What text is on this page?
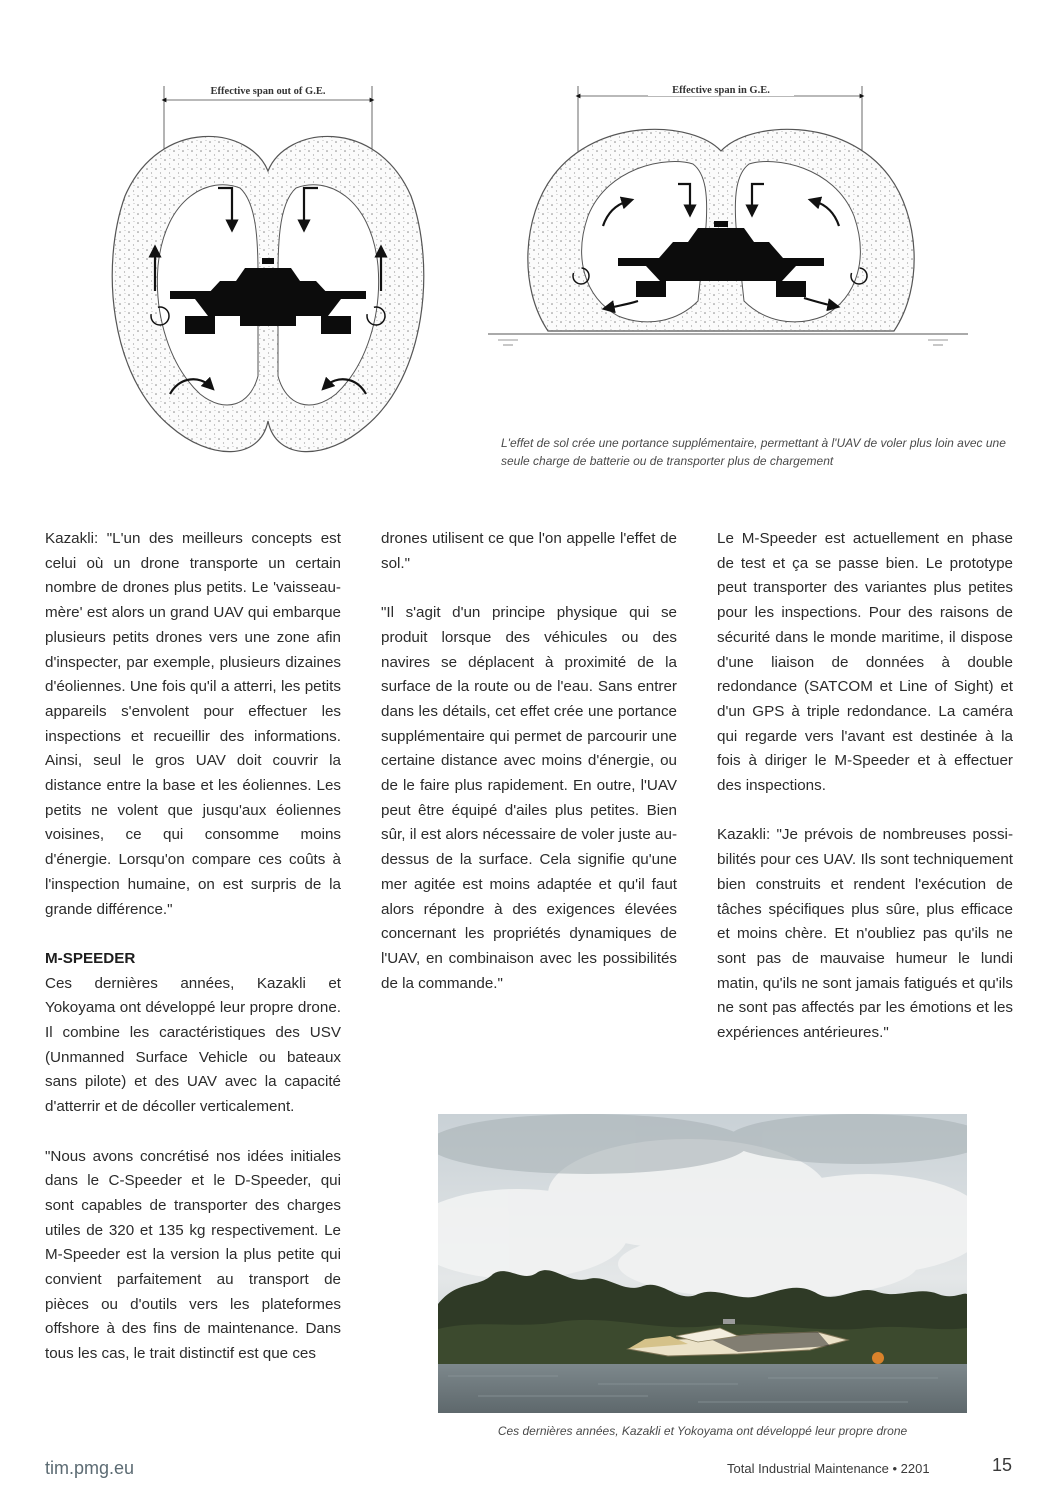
Effective span out of G.E.	Effective span in G.E.
L'effet de sol crée une portance supplémentaire, permettant à l'UAV de voler plus loin avec une seule charge de batterie ou de transporter plus de chargement

Kazakli: "L'un des meilleurs concepts est celui où un drone transporte un certain nombre de drones plus petits. Le 'vaisseau-mère' est alors un grand UAV qui embarque plusieurs petits drones vers une zone afin d'inspecter, par exemple, plusieurs dizaines d'éoliennes. Une fois qu'il a atterri, les petits appareils s'envolent pour effectuer les inspections et recueillir des informations. Ainsi, seul le gros UAV doit couvrir la distance entre la base et les éoliennes. Les petits ne volent que jusqu'aux éoliennes voisines, ce qui consomme moins d'énergie. Lorsqu'on compare ces coûts à l'inspection humaine, on est surpris de la grande différence."

M-SPEEDER

Ces dernières années, Kazakli et Yokoyama ont développé leur propre drone. Il combine les caractéristiques des USV (Unmanned Surface Vehicle ou bateaux sans pilote) et des UAV avec la capacité d'atterrir et de décoller verticalement.

"Nous avons concrétisé nos idées initiales dans le C-Speeder et le D-Speeder, qui sont capables de transporter des charges utiles de 320 et 135 kg respectivement. Le M-Speeder est la version la plus petite qui convient parfaitement au transport de pièces ou d'outils vers les plateformes offshore à des fins de maintenance. Dans tous les cas, le trait distinctif est que ces

drones utilisent ce que l'on appelle l'effet de sol."

"Il s'agit d'un principe physique qui se produit lorsque des véhicules ou des navires se déplacent à proximité de la surface de la route ou de l'eau. Sans entrer dans les détails, cet effet crée une portance supplémentaire qui permet de parcourir une certaine distance avec moins d'énergie, ou de le faire plus rapidement. En outre, l'UAV peut être équipé d'ailes plus petites. Bien sûr, il est alors nécessaire de voler juste au-dessus de la surface. Cela signifie qu'une mer agitée est moins adaptée et qu'il faut alors répondre à des exigences élevées concernant les propriétés dynamiques de l'UAV, en combinaison avec les possibilités de la commande."

Le M-Speeder est actuellement en phase de test et ça se passe bien. Le prototype peut transporter des variantes plus petites pour les inspections. Pour des raisons de sécurité dans le monde maritime, il dispose d'une liaison de données à double redondance (SATCOM et Line of Sight) et d'un GPS à triple redondance. La caméra qui regarde vers l'avant est destinée à la fois à diriger le M-Speeder et à effectuer des inspections.

Kazakli: "Je prévois de nombreuses possibilités pour ces UAV. Ils sont techniquement bien construits et rendent l'exécution de tâches spécifiques plus sûre, plus efficace et moins chère. Et n'oubliez pas qu'ils ne sont pas de mauvaise humeur le lundi matin, qu'ils ne sont jamais fatigués et qu'ils ne sont pas affectés par les émotions et les expériences antérieures."

Ces dernières années, Kazakli et Yokoyama ont développé leur propre drone
tim.pmg.eu	Total Industrial Maintenance • 2201	15
